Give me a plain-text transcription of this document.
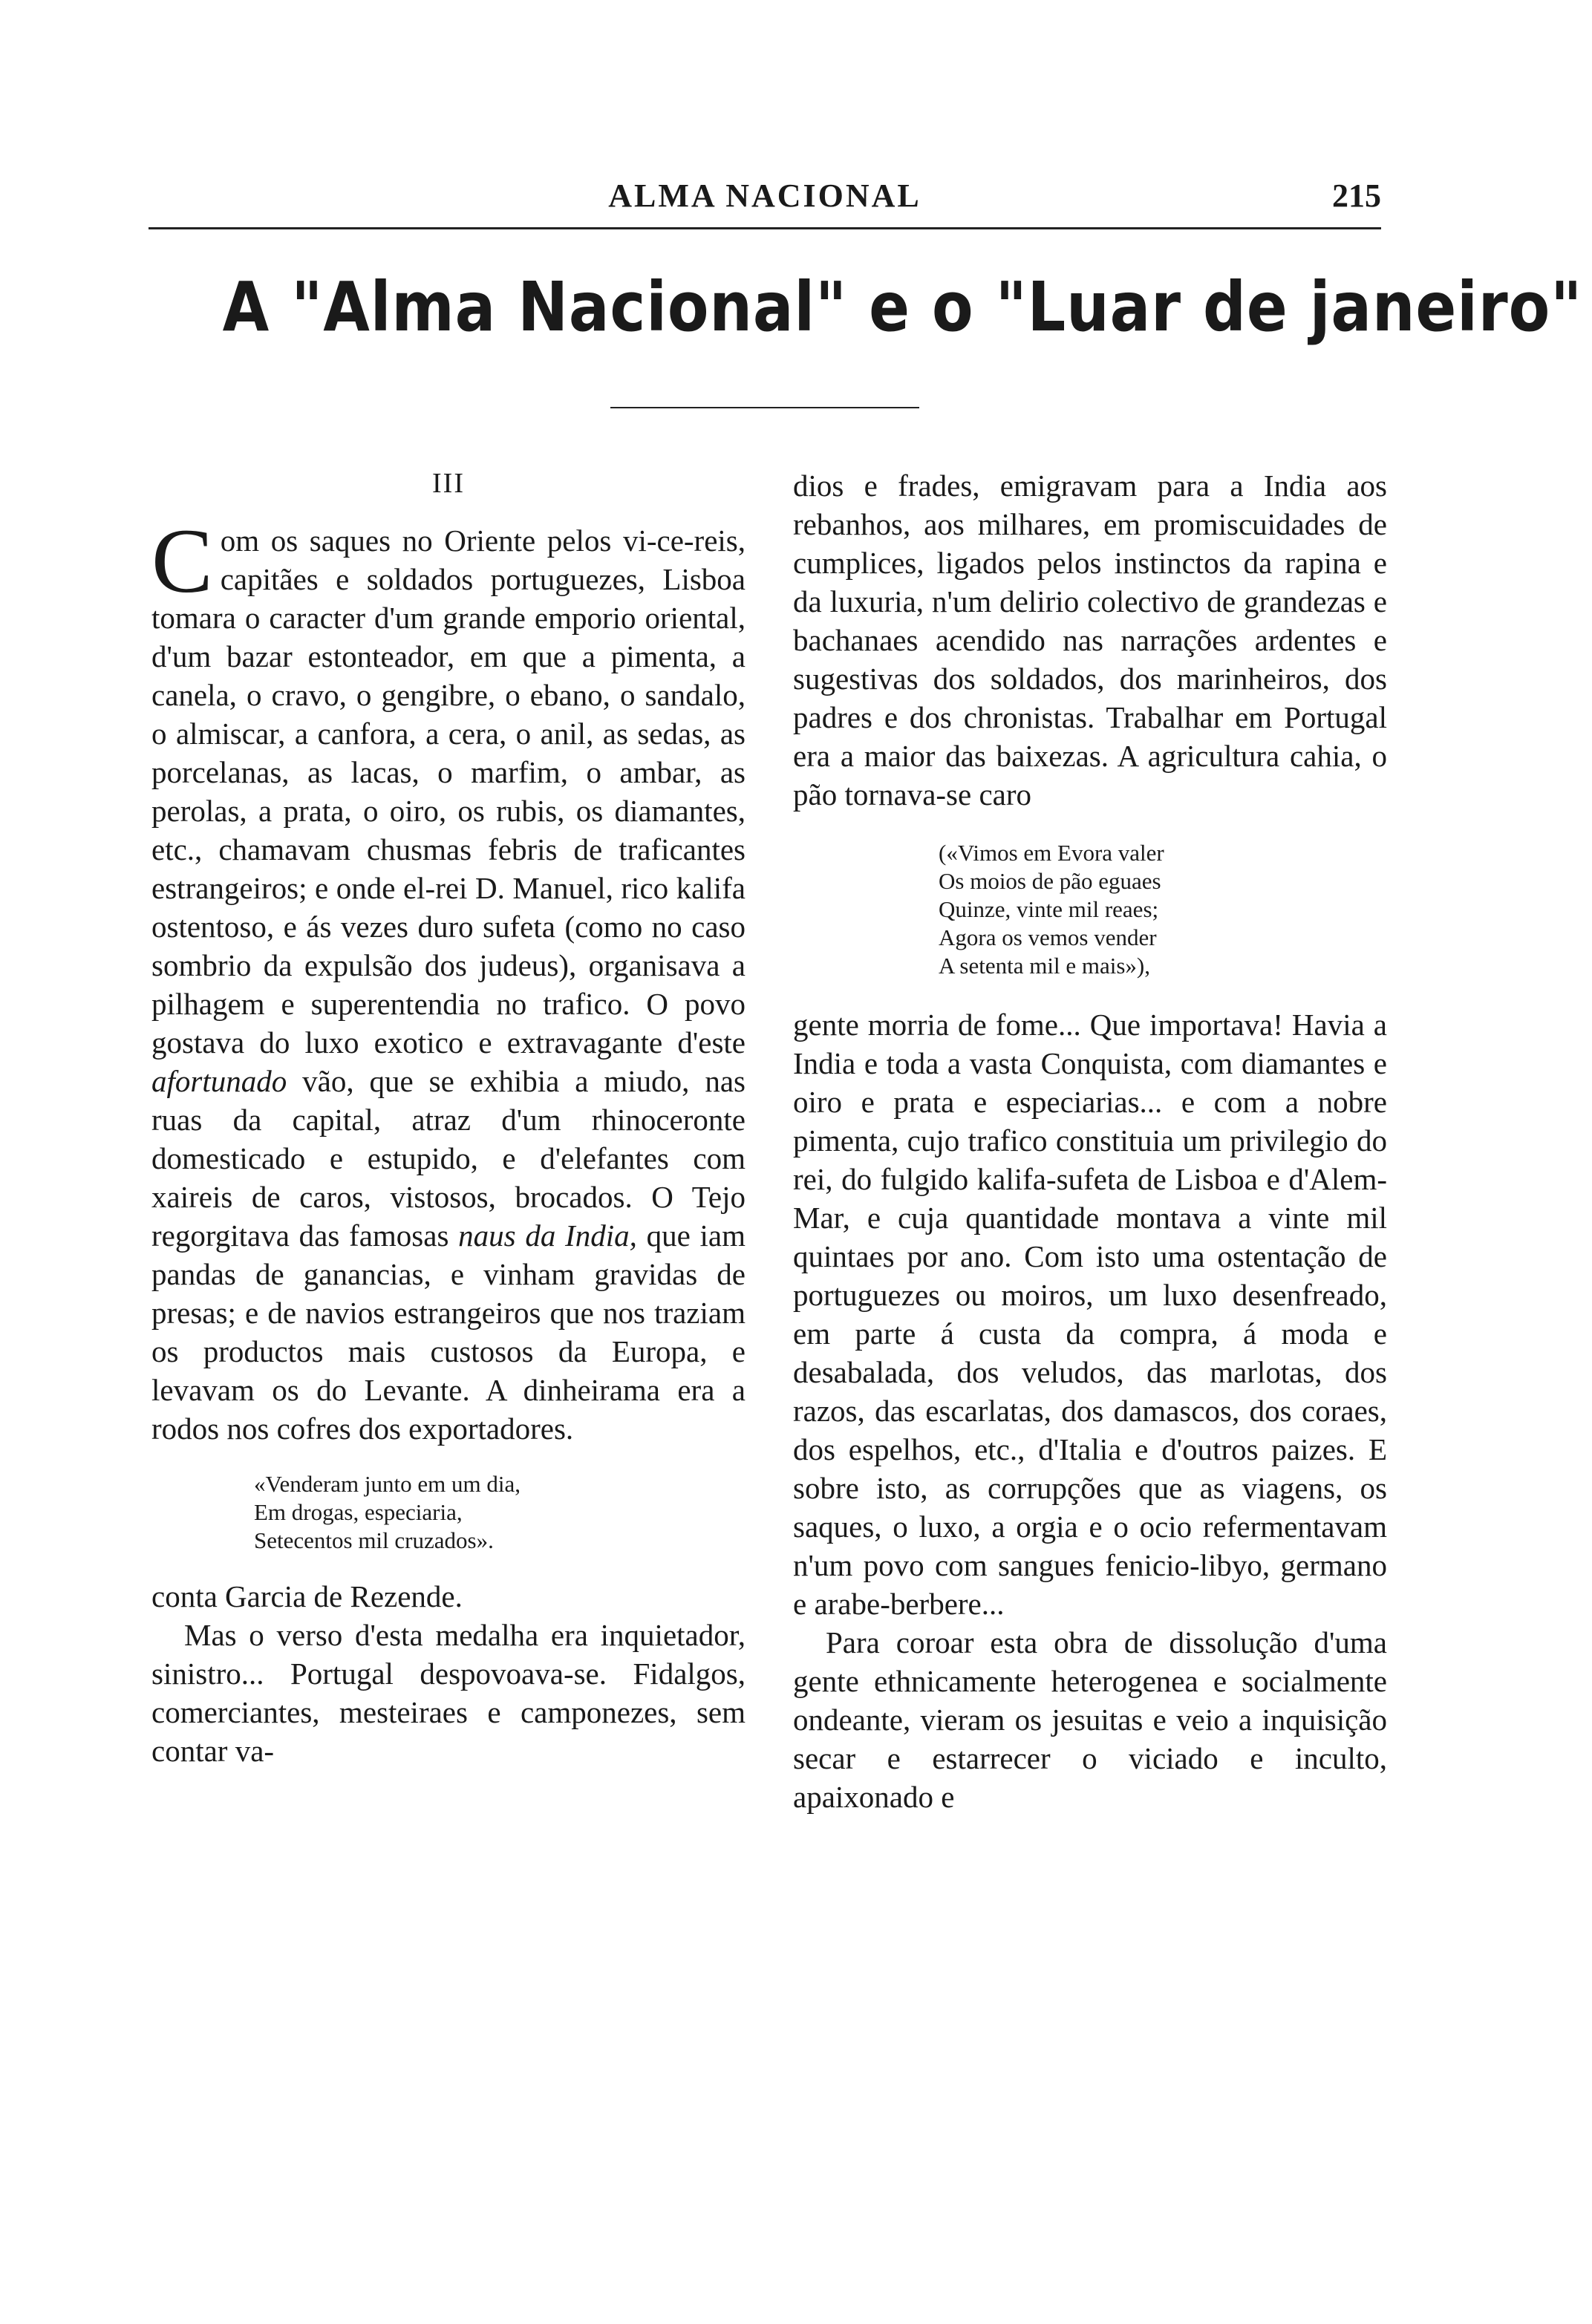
ALMA NACIONAL	215
A "Alma Nacional" e o "Luar de janeiro"
III

Com os saques no Oriente pelos vi-ce-reis, capitães e soldados portuguezes, Lisboa tomara o caracter d'um grande emporio oriental, d'um bazar estonteador, em que a pimenta, a canela, o cravo, o gengibre, o ebano, o sandalo, o almiscar, a canfora, a cera, o anil, as sedas, as porcelanas, as lacas, o marfim, o ambar, as perolas, a prata, o oiro, os rubis, os diamantes, etc., chamavam chusmas febris de traficantes estrangeiros; e onde el-rei D. Manuel, rico kalifa ostentoso, e ás vezes duro sufeta (como no caso sombrio da expulsão dos judeus), organisava a pilhagem e superentendia no trafico. O povo gostava do luxo exotico e extravagante d'este afortunado vão, que se exhibia a miudo, nas ruas da capital, atraz d'um rhinoceronte domesticado e estupido, e d'elefantes com xaireis de caros, vistosos, brocados. O Tejo regorgitava das famosas naus da India, que iam pandas de ganancias, e vinham gravidas de presas; e de navios estrangeiros que nos traziam os productos mais custosos da Europa, e levavam os do Levante. A dinheirama era a rodos nos cofres dos exportadores.

«Venderam junto em um dia,
Em drogas, especiaria,
Setecentos mil cruzados».

conta Garcia de Rezende.

Mas o verso d'esta medalha era inquietador, sinistro... Portugal despovoava-se. Fidalgos, comerciantes, mesteiraes e camponezes, sem contar va-

dios e frades, emigravam para a India aos rebanhos, aos milhares, em promiscuidades de cumplices, ligados pelos instinctos da rapina e da luxuria, n'um delirio colectivo de grandezas e bachanaes acendido nas narrações ardentes e sugestivas dos soldados, dos marinheiros, dos padres e dos chronistas. Trabalhar em Portugal era a maior das baixezas. A agricultura cahia, o pão tornava-se caro

(«Vimos em Evora valer
Os moios de pão eguaes
Quinze, vinte mil reaes;
Agora os vemos vender
A setenta mil e mais»),

gente morria de fome... Que importava! Havia a India e toda a vasta Conquista, com diamantes e oiro e prata e especiarias... e com a nobre pimenta, cujo trafico constituia um privilegio do rei, do fulgido kalifa-sufeta de Lisboa e d'Alem-Mar, e cuja quantidade montava a vinte mil quintaes por ano. Com isto uma ostentação de portuguezes ou moiros, um luxo desenfreado, em parte á custa da compra, á moda e desabalada, dos veludos, das marlotas, dos razos, das escarlatas, dos damascos, dos coraes, dos espelhos, etc., d'Italia e d'outros paizes. E sobre isto, as corrupções que as viagens, os saques, o luxo, a orgia e o ocio refermentavam n'um povo com sangues fenicio-libyo, germano e arabe-berbere...

Para coroar esta obra de dissolução d'uma gente ethnicamente heterogenea e socialmente ondeante, vieram os jesuitas e veio a inquisição secar e estarrecer o viciado e inculto, apaixonado e
